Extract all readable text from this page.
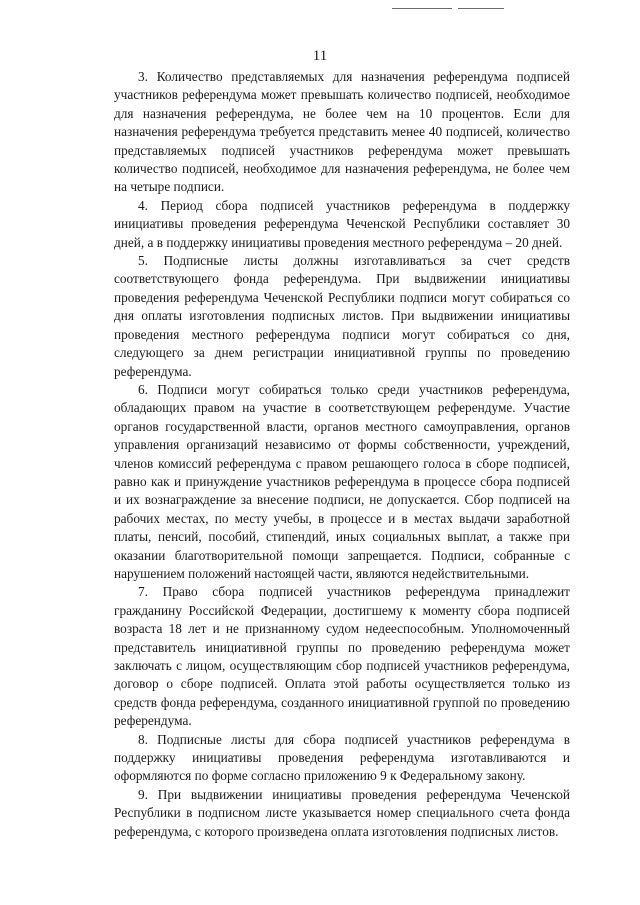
11

3. Количество представляемых для назначения референдума подписей участников референдума может превышать количество подписей, необходимое для назначения референдума, не более чем на 10 процентов. Если для назначения референдума требуется представить менее 40 подписей, количество представляемых подписей участников референдума может превышать количество подписей, необходимое для назначения референдума, не более чем на четыре подписи.

4. Период сбора подписей участников референдума в поддержку инициативы проведения референдума Чеченской Республики составляет 30 дней, а в поддержку инициативы проведения местного референдума – 20 дней.

5. Подписные листы должны изготавливаться за счет средств соответствующего фонда референдума. При выдвижении инициативы проведения референдума Чеченской Республики подписи могут собираться со дня оплаты изготовления подписных листов. При выдвижении инициативы проведения местного референдума подписи могут собираться со дня, следующего за днем регистрации инициативной группы по проведению референдума.

6. Подписи могут собираться только среди участников референдума, обладающих правом на участие в соответствующем референдуме. Участие органов государственной власти, органов местного самоуправления, органов управления организаций независимо от формы собственности, учреждений, членов комиссий референдума с правом решающего голоса в сборе подписей, равно как и принуждение участников референдума в процессе сбора подписей и их вознаграждение за внесение подписи, не допускается. Сбор подписей на рабочих местах, по месту учебы, в процессе и в местах выдачи заработной платы, пенсий, пособий, стипендий, иных социальных выплат, а также при оказании благотворительной помощи запрещается. Подписи, собранные с нарушением положений настоящей части, являются недействительными.

7. Право сбора подписей участников референдума принадлежит гражданину Российской Федерации, достигшему к моменту сбора подписей возраста 18 лет и не признанному судом недееспособным. Уполномоченный представитель инициативной группы по проведению референдума может заключать с лицом, осуществляющим сбор подписей участников референдума, договор о сборе подписей. Оплата этой работы осуществляется только из средств фонда референдума, созданного инициативной группой по проведению референдума.

8. Подписные листы для сбора подписей участников референдума в поддержку инициативы проведения референдума изготавливаются и оформляются по форме согласно приложению 9 к Федеральному закону.

9. При выдвижении инициативы проведения референдума Чеченской Республики в подписном листе указывается номер специального счета фонда референдума, с которого произведена оплата изготовления подписных листов.
